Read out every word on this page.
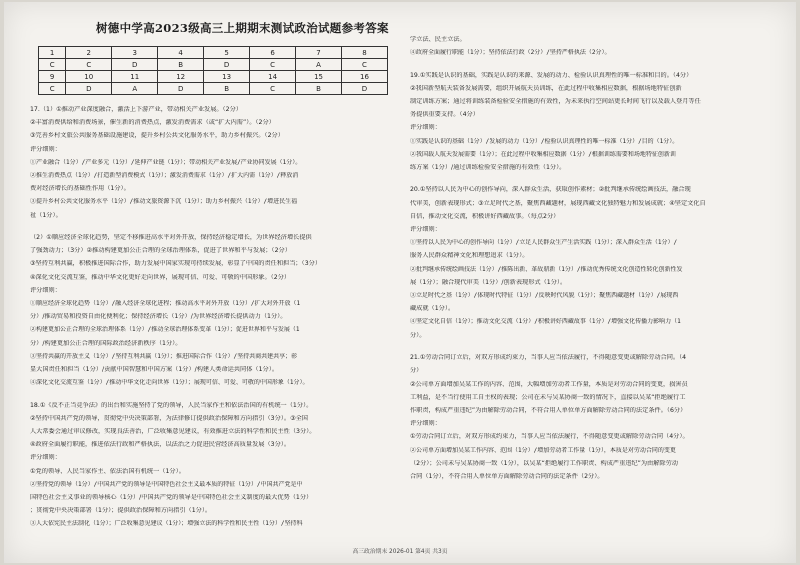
树德中学高2023级高三上期期末测试政治试题参考答案
1	2	3	4	5	6	7	8
C	C	D	B	D	C	A	C
9	10	11	12	13	14	15	16
C	D	A	D	B	C	B	D
17.（1）①推动产业深度融合，激活上下游产业，带动相关产业发展。（2分）
②丰富消费供给和消费场景，催生新的消费热点，激发消费需求（或“扩大内需”）。（2分）
③完善乡村文旅公共服务基础设施建设，提升乡村公共文化服务水平，助力乡村振兴。（2分）
评分细则：
①产业融合（1分）/产业多元（1分）/延伸产业链（1分）；带动相关产业发展/产业协同发展（1分）。
②推生消费热点（1分）/打造新型消费模式（1分）；激发消费需求（1分）/扩大内需（1分）/释放消
费对经济增长的基础性作用（1分）。
③提升乡村公共文化服务水平（1分）/推动文旅资源下沉（1分）；助力乡村振兴（1分）/增进民生福
祉（1分）。
（2）①顺应经济全球化趋势，坚定不移推进高水平对外开放，保持经济稳定增长，为世界经济增长提供
了强劲动力；（3分）②推动构建更加公正合理的全球治理体系，促进了世界和平与发展；（2分）
③坚持互利共赢，积极推进国际合作，助力发展中国家实现可持续发展，彰显了中国的责任和担当；（3分）
④深化文化交流互鉴，推动中华文化更好走向世界，展现可信、可爱、可敬的中国形象。（2分）
评分细则：
①顺应经济全球化趋势（1分）/融入经济全球化进程；推动高水平对外开放（1分）/扩大对外开放（1
分）/推动贸易和投资自由化便利化；保持经济增长（1分）/为世界经济增长提供动力（1分）。
②构建更加公正合理的全球治理体系（1分）/推动全球治理体系变革（1分）；促进世界和平与发展（1
分）/构建更加公正合理的国际政治经济新秩序（1分）。
③坚持共赢的开放主义（1分）/坚持互利共赢（1分）；推进国际合作（1分）/坚持共商共建共享；彰
显大国责任和担当（1分）/贡献中国智慧和中国方案（1分）/构建人类命运共同体（1分）。
④深化文化交流互鉴（1分）/推动中华文化走向世界（1分）；展现可信、可爱、可敬的中国形象（1分）。
18.①《反不正当竞争法》的出台和实施坚持了党的领导，人民当家作主和依法治国的有机统一（1分）。
②坚持中国共产党的领导，贯彻党中央决策部署，为法律修订提供政治保障和方向指引（3分）。③全国
人大常委会通过审议修改，实现良法善治，广泛收集意见建议，有效推进立法的科学性和民主性（3分）。
④政府全面履行职能，推进依法行政和严格执法，以法治之力促进民营经济高质量发展（3分）。
评分细则：
①党的领导、人民当家作主、依法治国有机统一（1分）。
②坚持党的领导（1分）/中国共产党的领导是中国特色社会主义最本质的特征（1分）/中国共产党是中
国特色社会主义事业的领导核心（1分）/中国共产党的领导是中国特色社会主义制度的最大优势（1分）
；贯彻党中央决策部署（1分）；提供政治保障和方向指引（1分）。
③人大依宪民主法制化（1分）；广泛收集意见建议（1分）；增强立法的科学性和民主性（1分）/坚持科
学立法、民主立法。
④政府全面履行职能（1分）；坚持依法行政（2分）/坚持严格执法（2分）。
19.①实践是认识的基础，实践是认识的来源、发展的动力、检验认识真理性的唯一标准和目的。（4分）
②我国新型航天装备发展需要，组织开展航天员训练，在此过程中收集相应数据，根据场地特征创新
制定训练方案；通过将训练装备检验安全措施的有效性，为未来执行空间站更长时间飞行以及载人登月等任
务提供重要支持。（4分）
评分细则：
①实践是认识的基础（1分）/发展的动力（1分）/检验认识真理性的唯一标准（1分）/目的（1分）。
②我国载人航天发展需要（1分）；在此过程中收集相应数据（1分）/根据训练需要和场地特征创新训
练方案（1分）/通过训练检验安全措施的有效性（1分）。
20.①坚持以人民为中心的创作导向，深入群众生活，获取创作素材；②批判继承传统绘画技法，融合现
代审美，创新表现形式；③立足时代之基，聚焦西藏题材，展现西藏文化独特魅力和发展成就；④坚定文化自
自信，推动文化交流，积极讲好西藏故事。（每点2分）
评分细则：
①坚持以人民为中心的创作导向（1分）/立足人民群众生产生活实践（1分）；深入群众生活（1分）/
服务人民群众精神文化和理想追求（1分）。
②批判继承传统绘画技法（1分）/推陈出新、革故鼎新（1分）/推动优秀传统文化创造性转化创新性发
展（1分）；融合现代审美（1分）/创新表现形式（1分）。
③立足时代之基（1分）/体现时代特征（1分）/反映时代风貌（1分）；聚焦西藏题材（1分）/展现西
藏成就（1分）。
④坚定文化自信（1分）；推动文化交流（1分）/积极讲好西藏故事（1分）/增强文化传播力影响力（1
分）。
21.①劳动合同订立后，对双方形成约束力，当事人应当依法履行，不得随意变更或解除劳动合同。（4
分）
②公司单方面增加吴某工作的内容、范围，大幅增加劳动者工作量，本质是对劳动合同的变更，损害员
工利益，是不当行使用工自主权的表现；公司在未与吴某协商一致的情况下，直接以吴某“拒绝履行工
作职责，构成严重违纪”为由解除劳动合同，不符合用人单位单方面解除劳动合同的法定条件。（6分）
评分细则：
①劳动合同订立后，对双方形成约束力，当事人应当依法履行，不得随意变更或解除劳动合同（4分）。
②公司单方面增加吴某工作内容、范围（1分）/增加劳动者工作量（1分），本质是对劳动合同的变更
（2分）；公司未与吴某协商一致（1分），以吴某“拒绝履行工作职责、构成严重违纪”为由解除劳动
合同（1分），不符合用人单位单方面解除劳动合同的法定条件（2分）。
高三政治期末 2026-01 第4页 共3页
